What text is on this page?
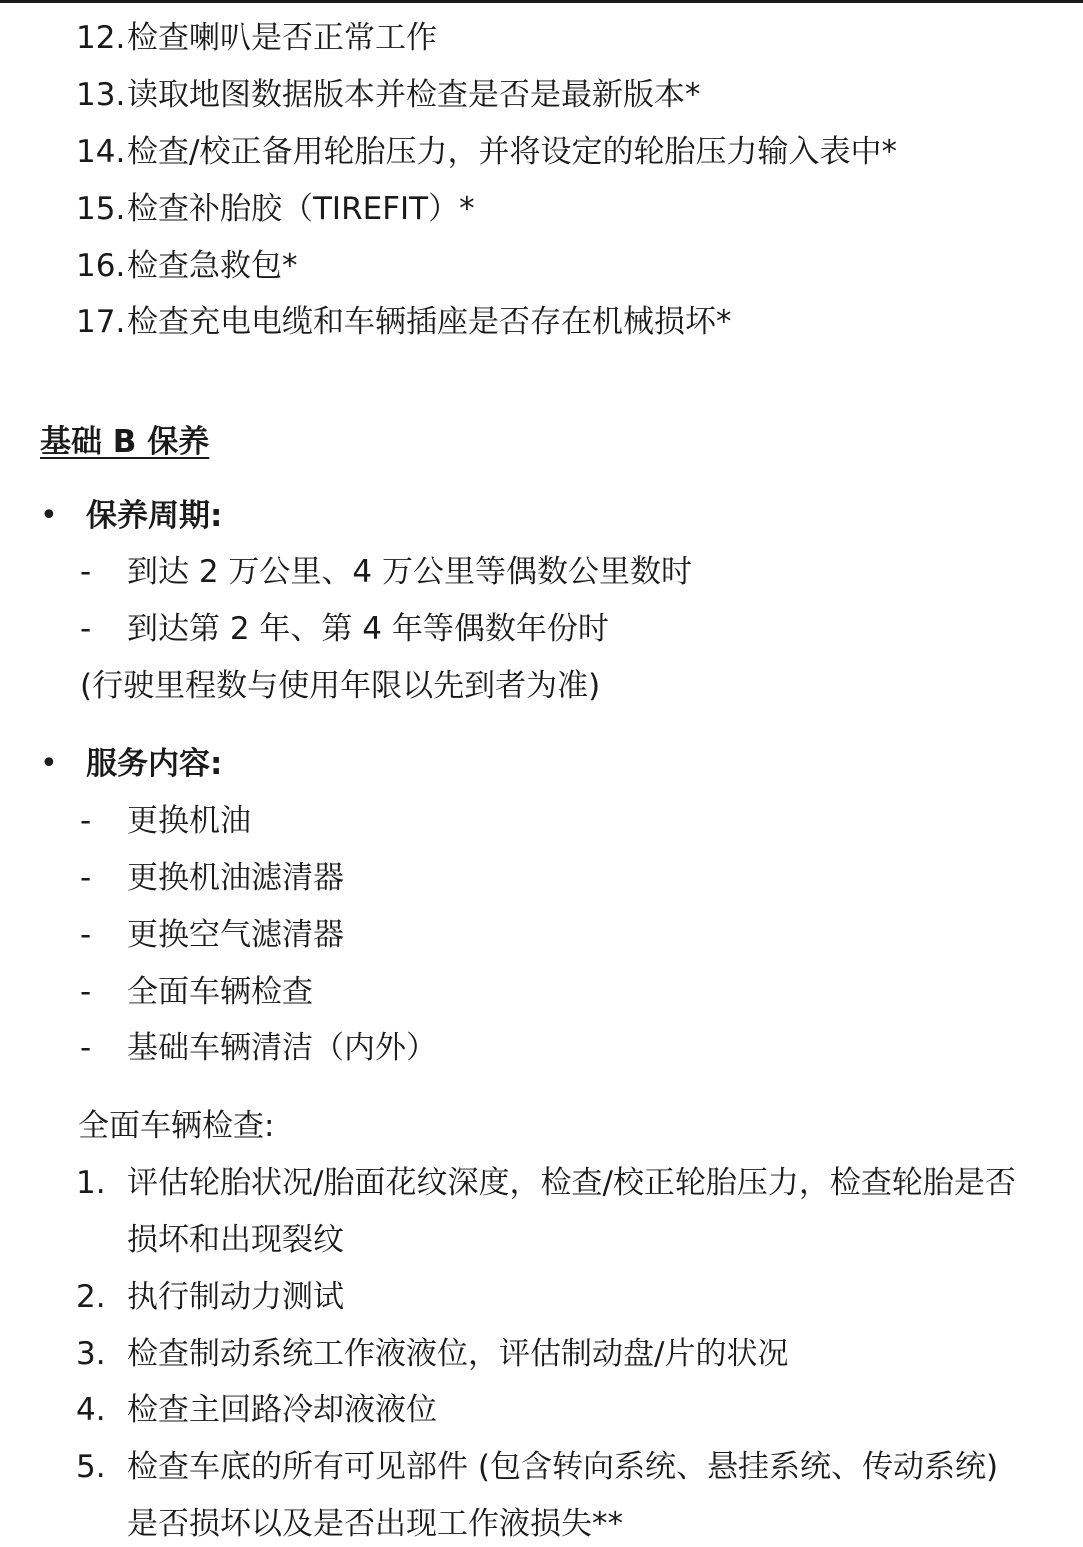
12. 检查喇叭是否正常工作
13. 读取地图数据版本并检查是否是最新版本*
14. 检查/校正备用轮胎压力，并将设定的轮胎压力输入表中*
15. 检查补胎胶（TIREFIT）*
16. 检查急救包*
17. 检查充电电缆和车辆插座是否存在机械损坏*
基础 B 保养
• 保养周期:
- 到达 2 万公里、4 万公里等偶数公里数时
- 到达第 2 年、第 4 年等偶数年份时
(行驶里程数与使用年限以先到者为准)
• 服务内容:
- 更换机油
- 更换机油滤清器
- 更换空气滤清器
- 全面车辆检查
- 基础车辆清洁（内外）
全面车辆检查:
1. 评估轮胎状况/胎面花纹深度，检查/校正轮胎压力，检查轮胎是否
损坏和出现裂纹
2. 执行制动力测试
3. 检查制动系统工作液液位，评估制动盘/片的状况
4. 检查主回路冷却液液位
5. 检查车底的所有可见部件 (包含转向系统、悬挂系统、传动系统)
是否损坏以及是否出现工作液损失**
